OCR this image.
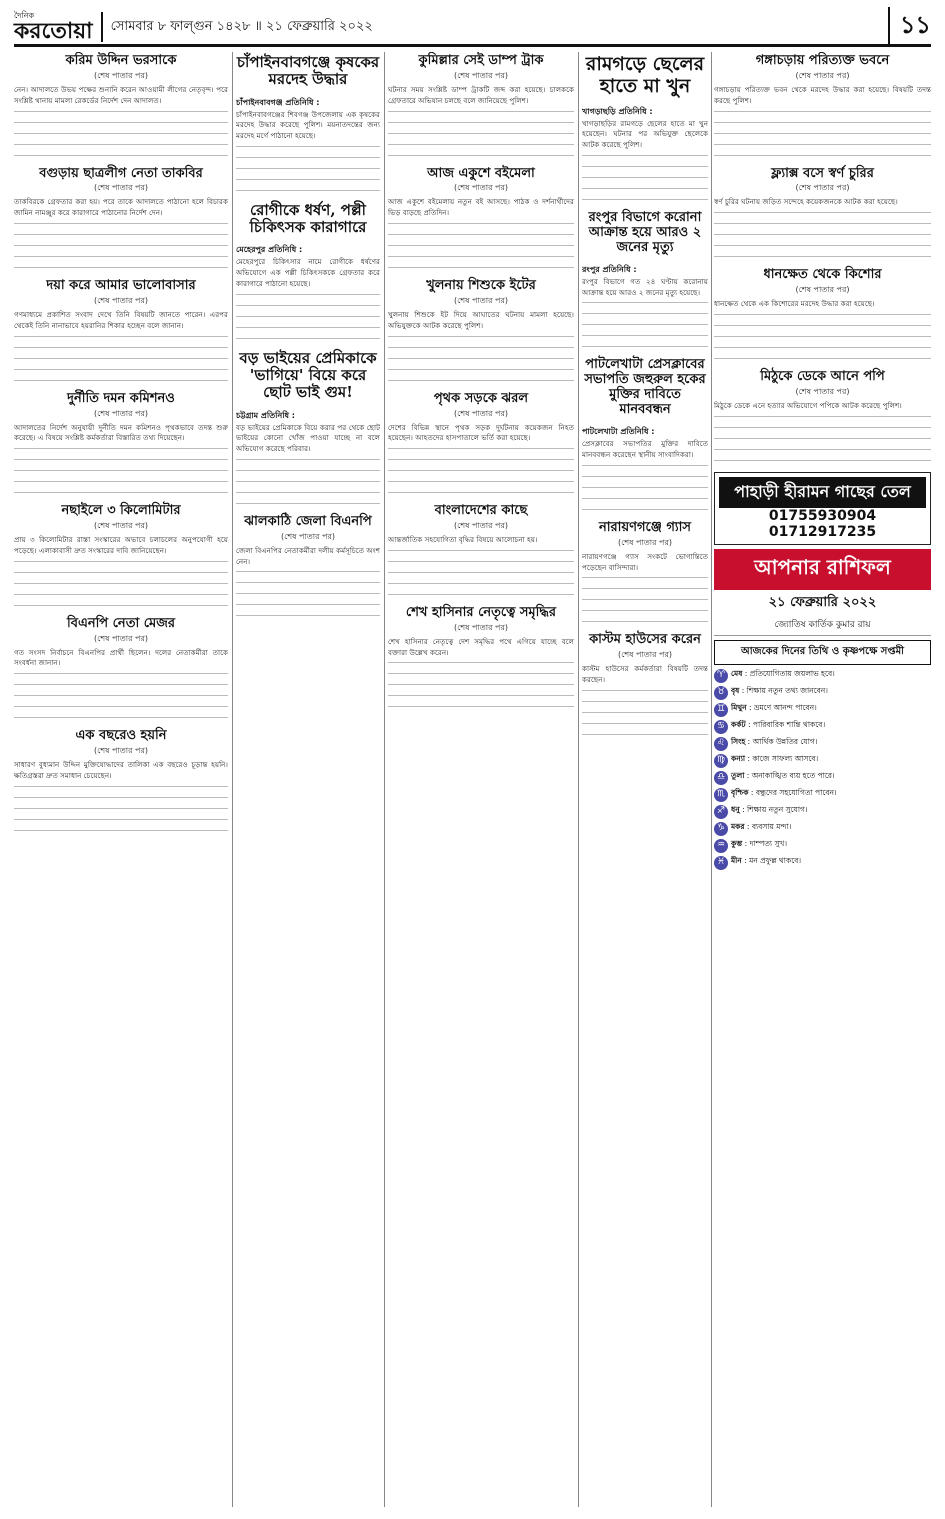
দৈনিক
করতোয়া	সোমবার ৮ ফাল্গুন ১৪২৮ ॥ ২১ ফেব্রুয়ারি ২০২২	১১
করিম উদ্দিন ভরসাকে
(শেষ পাতার পর)

নেন। আদালতে উভয় পক্ষের শুনানি করেন আওয়ামী লীগের নেতৃবৃন্দ। পরে সংশ্লিষ্ট থানায় মামলা রেকর্ডের নির্দেশ দেন আদালত।

বগুড়ায় ছাত্রলীগ নেতা তাকবির
(শেষ পাতার পর)

তাকবিরকে গ্রেফতার করা হয়। পরে তাকে আদালতে পাঠানো হলে বিচারক জামিন নামঞ্জুর করে কারাগারে পাঠানোর নির্দেশ দেন।

দয়া করে আমার ভালোবাসার
(শেষ পাতার পর)

গণমাধ্যমে প্রকাশিত সংবাদ দেখে তিনি বিষয়টি জানতে পারেন। এরপর থেকেই তিনি নানাভাবে হয়রানির শিকার হচ্ছেন বলে জানান।

দুর্নীতি দমন কমিশনও
(শেষ পাতার পর)

আদালতের নির্দেশ অনুযায়ী দুর্নীতি দমন কমিশনও পৃথকভাবে তদন্ত শুরু করেছে। এ বিষয়ে সংশ্লিষ্ট কর্মকর্তারা বিস্তারিত তথ্য দিয়েছেন।

নছাইলে ৩ কিলোমিটার
(শেষ পাতার পর)

প্রায় ৩ কিলোমিটার রাস্তা সংস্কারের অভাবে চলাচলের অনুপযোগী হয়ে পড়েছে। এলাকাবাসী দ্রুত সংস্কারের দাবি জানিয়েছেন।

বিএনপি নেতা মেজর
(শেষ পাতার পর)

গত সংসদ নির্বাচনে বিএনপির প্রার্থী ছিলেন। দলের নেতাকর্মীরা তাকে সংবর্ধনা জানান।

এক বছরেও হয়নি
(শেষ পাতার পর)

সাধারণ বুধ্যমান উদ্দিন মুক্তিযোদ্ধাদের তালিকা এক বছরেও চূড়ান্ত হয়নি। ক্ষতিগ্রস্তরা দ্রুত সমাধান চেয়েছেন।

চাঁপাইনবাবগঞ্জে কৃষকের মরদেহ উদ্ধার
চাঁপাইনবাবগঞ্জ প্রতিনিধি :

চাঁপাইনবাবগঞ্জের শিবগঞ্জ উপজেলায় এক কৃষকের মরদেহ উদ্ধার করেছে পুলিশ। ময়নাতদন্তের জন্য মরদেহ মর্গে পাঠানো হয়েছে।

রোগীকে ধর্ষণ, পল্লী চিকিৎসক কারাগারে
মেহেরপুর প্রতিনিধি :

মেহেরপুরে চিকিৎসার নামে রোগীকে ধর্ষণের অভিযোগে এক পল্লী চিকিৎসককে গ্রেফতার করে কারাগারে পাঠানো হয়েছে।

বড় ভাইয়ের প্রেমিকাকে 'ভাগিয়ে' বিয়ে করে ছোট ভাই গুম!
চট্টগ্রাম প্রতিনিধি :

বড় ভাইয়ের প্রেমিকাকে বিয়ে করার পর থেকে ছোট ভাইয়ের কোনো খোঁজ পাওয়া যাচ্ছে না বলে অভিযোগ করেছে পরিবার।

ঝালকাঠি জেলা বিএনপি
(শেষ পাতার পর)

জেলা বিএনপির নেতাকর্মীরা দলীয় কর্মসূচিতে অংশ নেন।

কুমিল্লার সেই ডাম্প ট্রাক
(শেষ পাতার পর)

ঘটনার সময় সংশ্লিষ্ট ডাম্প ট্রাকটি জব্দ করা হয়েছে। চালককে গ্রেফতারে অভিযান চলছে বলে জানিয়েছে পুলিশ।

আজ একুশে বইমেলা
(শেষ পাতার পর)

আজ একুশে বইমেলায় নতুন বই আসছে। পাঠক ও দর্শনার্থীদের ভিড় বাড়ছে প্রতিদিন।

খুলনায় শিশুকে ইটের
(শেষ পাতার পর)

খুলনায় শিশুকে ইট দিয়ে আঘাতের ঘটনায় মামলা হয়েছে। অভিযুক্তকে আটক করেছে পুলিশ।

পৃথক সড়কে ঝরল
(শেষ পাতার পর)

দেশের বিভিন্ন স্থানে পৃথক সড়ক দুর্ঘটনায় কয়েকজন নিহত হয়েছেন। আহতদের হাসপাতালে ভর্তি করা হয়েছে।

বাংলাদেশের কাছে
(শেষ পাতার পর)

আন্তর্জাতিক সহযোগিতা বৃদ্ধির বিষয়ে আলোচনা হয়।

শেখ হাসিনার নেতৃত্বে সমৃদ্ধির
(শেষ পাতার পর)

শেখ হাসিনার নেতৃত্বে দেশ সমৃদ্ধির পথে এগিয়ে যাচ্ছে বলে বক্তারা উল্লেখ করেন।

রামগড়ে ছেলের হাতে মা খুন
খাগড়াছড়ি প্রতিনিধি :

খাগড়াছড়ির রামগড়ে ছেলের হাতে মা খুন হয়েছেন। ঘটনার পর অভিযুক্ত ছেলেকে আটক করেছে পুলিশ।

রংপুর বিভাগে করোনা আক্রান্ত হয়ে আরও ২ জনের মৃত্যু
রংপুর প্রতিনিধি :

রংপুর বিভাগে গত ২৪ ঘণ্টায় করোনায় আক্রান্ত হয়ে আরও ২ জনের মৃত্যু হয়েছে।

পাটলেখাটা প্রেসক্লাবের সভাপতি জহুরুল হকের মুক্তির দাবিতে মানববন্ধন
পাটলেখাটা প্রতিনিধি :

প্রেসক্লাবের সভাপতির মুক্তির দাবিতে মানববন্ধন করেছেন স্থানীয় সাংবাদিকরা।

নারায়ণগঞ্জে গ্যাস
(শেষ পাতার পর)

নারায়ণগঞ্জে গ্যাস সংকটে ভোগান্তিতে পড়েছেন বাসিন্দারা।

কাস্টম হাউসের করেন
(শেষ পাতার পর)

কাস্টম হাউসের কর্মকর্তারা বিষয়টি তদন্ত করছেন।

গঙ্গাচড়ায় পরিত্যক্ত ভবনে
(শেষ পাতার পর)

গঙ্গাচড়ায় পরিত্যক্ত ভবন থেকে মরদেহ উদ্ধার করা হয়েছে। বিষয়টি তদন্ত করছে পুলিশ।

ফ্ল্যাক্স বসে স্বর্ণ চুরির
(শেষ পাতার পর)

স্বর্ণ চুরির ঘটনায় জড়িত সন্দেহে কয়েকজনকে আটক করা হয়েছে।

ধানক্ষেত থেকে কিশোর
(শেষ পাতার পর)

ধানক্ষেত থেকে এক কিশোরের মরদেহ উদ্ধার করা হয়েছে।

মিঠুকে ডেকে আনে পপি
(শেষ পাতার পর)

মিঠুকে ডেকে এনে হত্যার অভিযোগে পপিকে আটক করেছে পুলিশ।

পাহাড়ী হীরামন গাছের তেল
01755930904
01712917235
আপনার রাশিফল
২১ ফেব্রুয়ারি ২০২২
জ্যোতিষ কার্তিক কুমার রায়
আজকের দিনের তিথি ও কৃষ্ণপক্ষে সপ্তমী
♈ মেষ : প্রতিযোগিতায় জয়লাভ হবে।
♉ বৃষ : শিক্ষায় নতুন তথ্য জানবেন।
♊ মিথুন : ভ্রমণে আনন্দ পাবেন।
♋ কর্কট : পারিবারিক শান্তি থাকবে।
♌ সিংহ : আর্থিক উন্নতির যোগ।
♍ কন্যা : কাজে সাফল্য আসবে।
♎ তুলা : অনাকাঙ্খিত ব্যয় হতে পারে।
♏ বৃশ্চিক : বন্ধুদের সহযোগিতা পাবেন।
♐ ধনু : শিক্ষায় নতুন সুযোগ।
♑ মকর : ব্যবসায় মন্দা।
♒ কুম্ভ : দাম্পত্য সুখ।
♓ মীন : মন প্রফুল্ল থাকবে।
